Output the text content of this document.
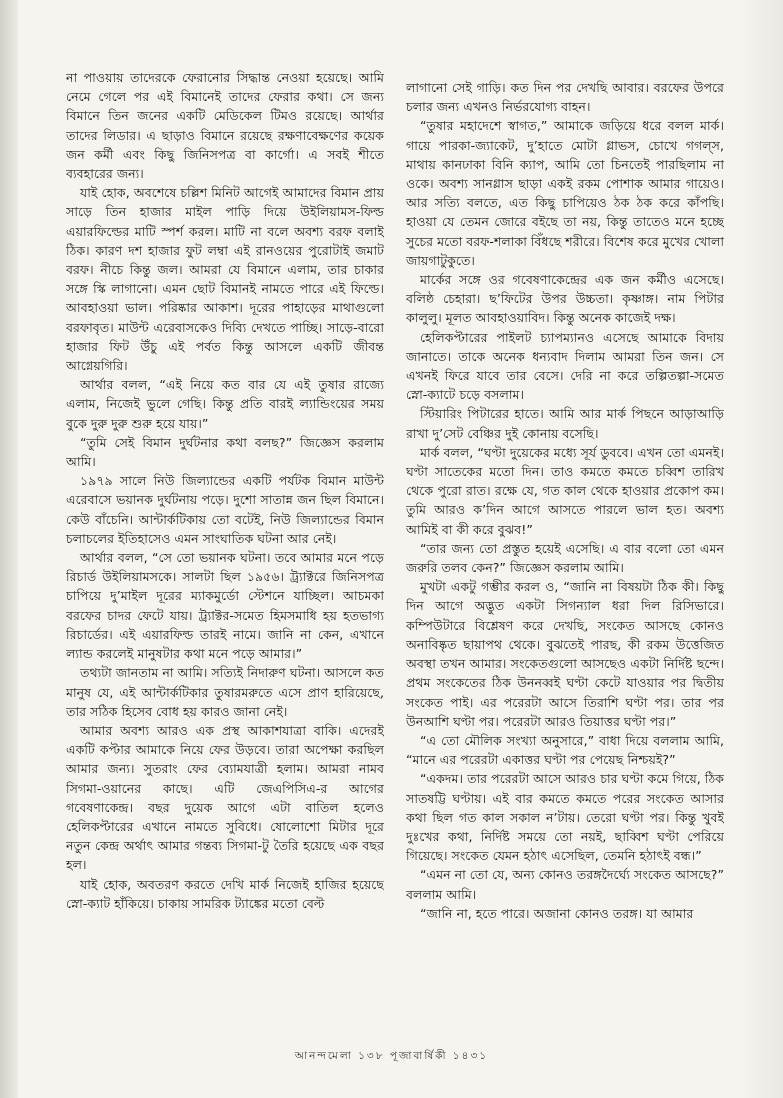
না পাওয়ায় তাদেরকে ফেরানোর সিদ্ধান্ত নেওয়া হয়েছে। আমি নেমে গেলে পর এই বিমানেই তাদের ফেরার কথা। সে জন্য বিমানে তিন জনের একটি মেডিকেল টিমও রয়েছে। আর্থার তাদের লিডার। এ ছাড়াও বিমানে রয়েছে রক্ষণাবেক্ষণের কয়েক জন কর্মী এবং কিছু জিনিসপত্র বা কার্গো। এ সবই শীতে ব্যবহারের জন্য।

যাই হোক, অবশেষে চল্লিশ মিনিট আগেই আমাদের বিমান প্রায় সাড়ে তিন হাজার মাইল পাড়ি দিয়ে উইলিয়ামস-ফিল্ড এয়ারফিল্ডের মাটি স্পর্শ করল। মাটি না বলে অবশ্য বরফ বলাই ঠিক। কারণ দশ হাজার ফুট লম্বা এই রানওয়ের পুরোটাই জমাট বরফ। নীচে কিন্তু জল। আমরা যে বিমানে এলাম, তার চাকার সঙ্গে স্কি লাগানো। এমন ছোট বিমানই নামতে পারে এই ফিল্ডে। আবহাওয়া ভাল। পরিষ্কার আকাশ। দূরের পাহাড়ের মাথাগুলো বরফাবৃত। মাউন্ট এরেবাসকেও দিব্যি দেখতে পাচ্ছি। সাড়ে-বারো হাজার ফিট উঁচু এই পর্বত কিন্তু আসলে একটি জীবন্ত আগ্নেয়গিরি।

আর্থার বলল, “এই নিয়ে কত বার যে এই তুষার রাজ্যে এলাম, নিজেই ভুলে গেছি। কিন্তু প্রতি বারই ল্যান্ডিংয়ের সময় বুকে দুরু দুরু শুরু হয়ে যায়।”

“তুমি সেই বিমান দুর্ঘটনার কথা বলছ?” জিজ্ঞেস করলাম আমি।

১৯৭৯ সালে নিউ জিল্যান্ডের একটি পর্যটক বিমান মাউন্ট এরেবাসে ভয়ানক দুর্ঘটনায় পড়ে। দুশো সাতান্ন জন ছিল বিমানে। কেউ বাঁচেনি। আন্টার্কটিকায় তো বটেই, নিউ জিল্যান্ডের বিমান চলাচলের ইতিহাসেও এমন সাংঘাতিক ঘটনা আর নেই।

আর্থার বলল, “সে তো ভয়ানক ঘটনা। তবে আমার মনে পড়ে রিচার্ড উইলিয়ামসকে। সালটা ছিল ১৯৫৬। ট্র্যাক্টরে জিনিসপত্র চাপিয়ে দু’মাইল দূরের ম্যাকমুর্ডো স্টেশনে যাচ্ছিল। আচমকা বরফের চাদর ফেটে যায়। ট্র্যাক্টর-সমেত হিমসমাধি হয় হতভাগ্য রিচার্ডের। এই এয়ারফিল্ড তারই নামে। জানি না কেন, এখানে ল্যান্ড করলেই মানুষটার কথা মনে পড়ে আমার।”

তথ্যটা জানতাম না আমি। সত্যিই নিদারুণ ঘটনা। আসলে কত মানুষ যে, এই আন্টার্কটিকার তুষারমরুতে এসে প্রাণ হারিয়েছে, তার সঠিক হিসেব বোধ হয় কারও জানা নেই।

আমার অবশ্য আরও এক প্রস্থ আকাশযাত্রা বাকি। এদেরই একটি কপ্টার আমাকে নিয়ে ফের উড়বে। তারা অপেক্ষা করছিল আমার জন্য। সুতরাং ফের ব্যোমযাত্রী হলাম। আমরা নামব সিগমা-ওয়ানের কাছে। এটি জেএপিসিএ-র আগের গবেষণাকেন্দ্র। বছর দুয়েক আগে এটা বাতিল হলেও হেলিকপ্টারের এখানে নামতে সুবিধে। ষোলোশো মিটার দূরে নতুন কেন্দ্র অর্থাৎ আমার গন্তব্য সিগমা-টু তৈরি হয়েছে এক বছর হল।

যাই হোক, অবতরণ করতে দেখি মার্ক নিজেই হাজির হয়েছে স্নো-ক্যাট হাঁকিয়ে। চাকায় সামরিক ট্যাঙ্কের মতো বেল্ট

লাগানো সেই গাড়ি। কত দিন পর দেখছি আবার। বরফের উপরে চলার জন্য এখনও নির্ভরযোগ্য বাহন।

“তুষার মহাদেশে স্বাগত,” আমাকে জড়িয়ে ধরে বলল মার্ক। গায়ে পারকা-জ্যাকেট, দু’হাতে মোটা গ্লাভস, চোখে গগল্স, মাথায় কানঢাকা বিনি ক্যাপ, আমি তো চিনতেই পারছিলাম না ওকে। অবশ্য সানগ্লাস ছাড়া একই রকম পোশাক আমার গায়েও। আর সত্যি বলতে, এত কিছু চাপিয়েও ঠক ঠক করে কাঁপছি। হাওয়া যে তেমন জোরে বইছে তা নয়, কিন্তু তাতেও মনে হচ্ছে সুচের মতো বরফ-শলাকা বিঁধছে শরীরে। বিশেষ করে মুখের খোলা জায়গাটুকুতে।

মার্কের সঙ্গে ওর গবেষণাকেন্দ্রের এক জন কর্মীও এসেছে। বলিষ্ঠ চেহারা। ছ’ফিটের উপর উচ্চতা। কৃষ্ণাঙ্গ। নাম পিটার কালুলু। মূলত আবহাওয়াবিদ। কিন্তু অনেক কাজেই দক্ষ।

হেলিকপ্টারের পাইলট চ্যাপম্যানও এসেছে আমাকে বিদায় জানাতে। তাকে অনেক ধন্যবাদ দিলাম আমরা তিন জন। সে এখনই ফিরে যাবে তার বেসে। দেরি না করে তল্পিতল্পা-সমেত স্নো-ক্যাটে চড়ে বসলাম।

স্টিয়ারিং পিটারের হাতে। আমি আর মার্ক পিছনে আড়াআড়ি রাখা দু’সেট বেঞ্চির দুই কোনায় বসেছি।

মার্ক বলল, “ঘণ্টা দুয়েকের মধ্যে সূর্য ডুববে। এখন তো এমনই। ঘণ্টা সাতেকের মতো দিন। তাও কমতে কমতে চব্বিশ তারিখ থেকে পুরো রাত। রক্ষে যে, গত কাল থেকে হাওয়ার প্রকোপ কম। তুমি আরও ক’দিন আগে আসতে পারলে ভাল হত। অবশ্য আমিই বা কী করে বুঝব!”

“তার জন্য তো প্রস্তুত হয়েই এসেছি। এ বার বলো তো এমন জরুরি তলব কেন?” জিজ্ঞেস করলাম আমি।

মুখটা একটু গম্ভীর করল ও, “জানি না বিষয়টা ঠিক কী। কিছু দিন আগে অদ্ভুত একটা সিগন্যাল ধরা দিল রিসিভারে। কম্পিউটারে বিশ্লেষণ করে দেখছি, সংকেত আসছে কোনও অনাবিষ্কৃত ছায়াপথ থেকে। বুঝতেই পারছ, কী রকম উত্তেজিত অবস্থা তখন আমার। সংকেতগুলো আসছেও একটা নির্দিষ্ট ছন্দে। প্রথম সংকেতের ঠিক উননব্বই ঘণ্টা কেটে যাওয়ার পর দ্বিতীয় সংকেত পাই। এর পরেরটা আসে তিরাশি ঘণ্টা পর। তার পর উনআশি ঘণ্টা পর। পরেরটা আরও তিয়াত্তর ঘণ্টা পর।”

“এ তো মৌলিক সংখ্যা অনুসারে,” বাধা দিয়ে বললাম আমি, “মানে এর পরেরটা একাত্তর ঘণ্টা পর পেয়েছ নিশ্চয়ই?”

“একদম। তার পরেরটা আসে আরও চার ঘণ্টা কমে গিয়ে, ঠিক সাতষট্টি ঘণ্টায়। এই বার কমতে কমতে পরের সংকেত আসার কথা ছিল গত কাল সকাল ন’টায়। তেরো ঘণ্টা পর। কিন্তু খুবই দুঃখের কথা, নির্দিষ্ট সময়ে তো নয়ই, ছাব্বিশ ঘণ্টা পেরিয়ে গিয়েছে। সংকেত যেমন হঠাৎ এসেছিল, তেমনি হঠাৎই বন্ধ।”

“এমন না তো যে, অন্য কোনও তরঙ্গদৈর্ঘ্যে সংকেত আসছে?” বললাম আমি।

“জানি না, হতে পারে। অজানা কোনও তরঙ্গ। যা আমার

আনন্দমেলা ১৩৮ পূজাবার্ষিকী ১৪৩১
